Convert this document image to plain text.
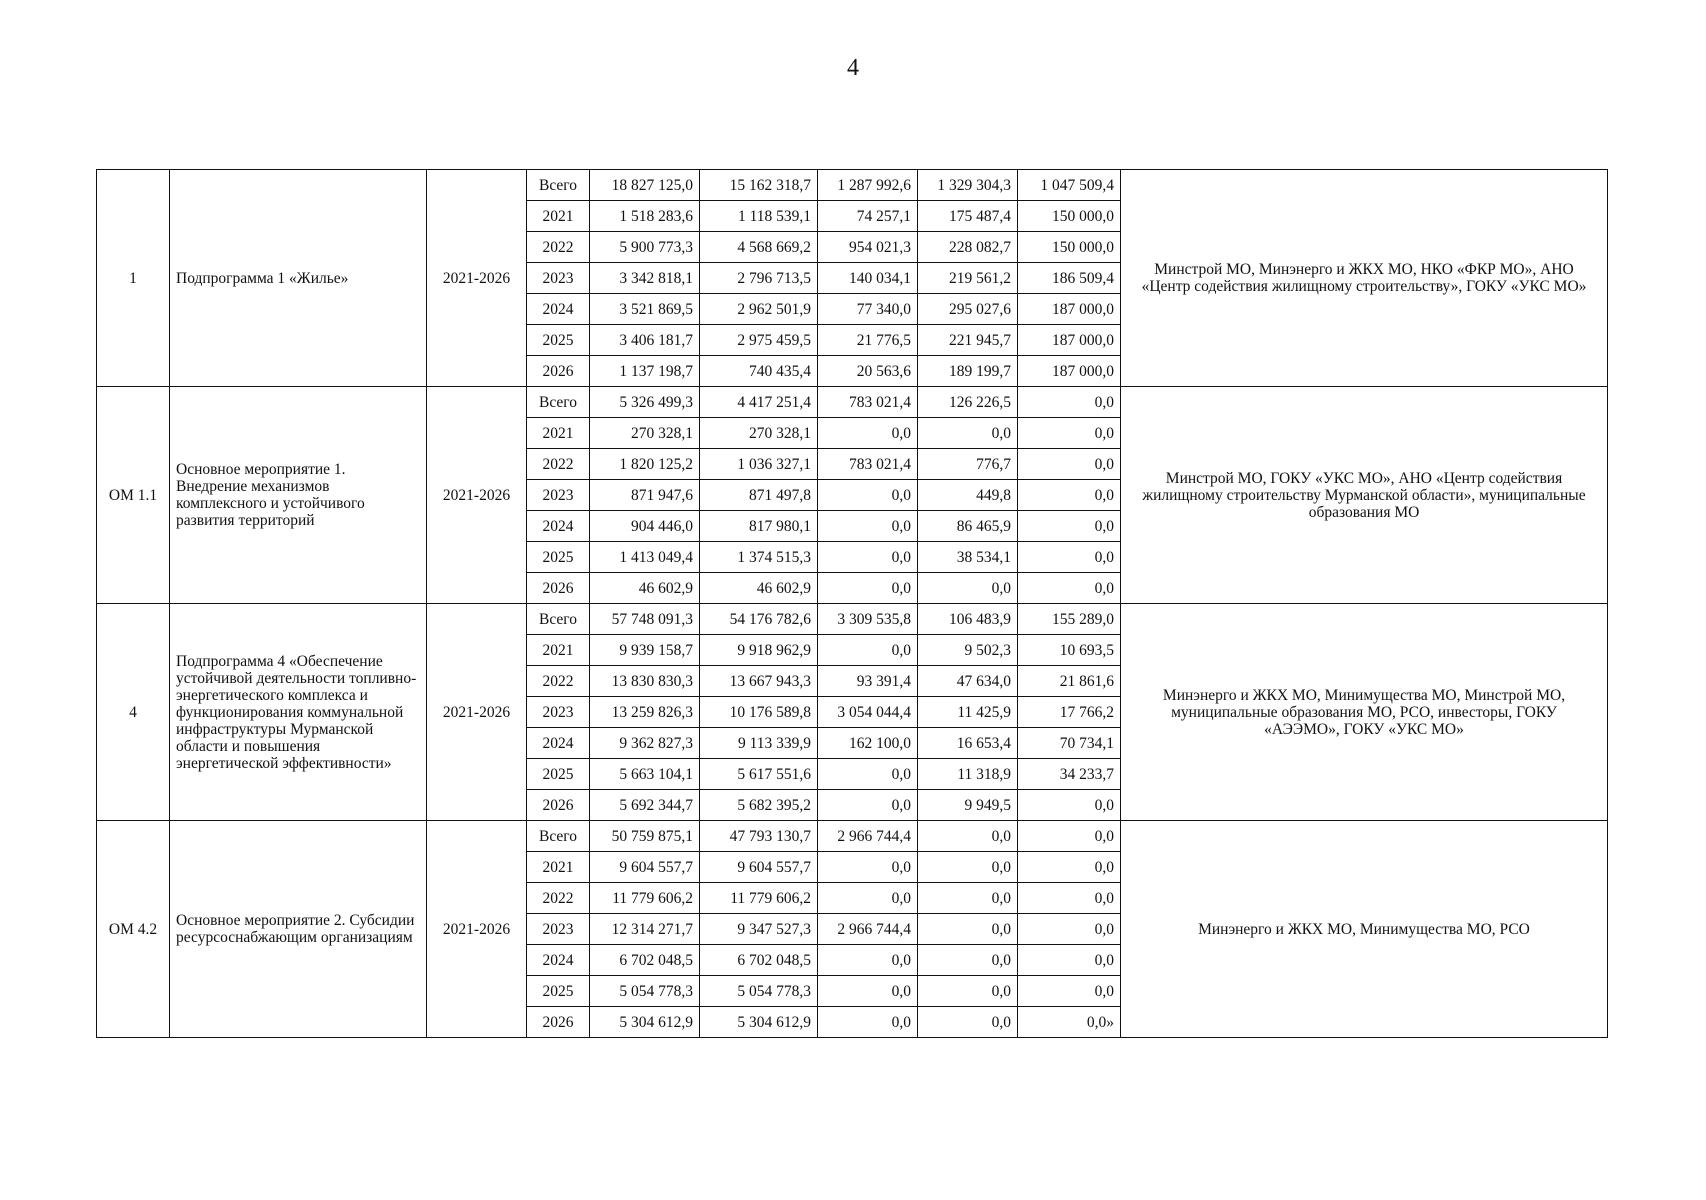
4
1	Подпрограмма 1 «Жилье»	2021-2026	Всего	18 827 125,0	15 162 318,7	1 287 992,6	1 329 304,3	1 047 509,4	Минстрой МО, Минэнерго и ЖКХ МО, НКО «ФКР МО», АНО «Центр содействия жилищному строительству», ГОКУ «УКС МО»
			2021	1 518 283,6	1 118 539,1	74 257,1	175 487,4	150 000,0	
			2022	5 900 773,3	4 568 669,2	954 021,3	228 082,7	150 000,0	
			2023	3 342 818,1	2 796 713,5	140 034,1	219 561,2	186 509,4	
			2024	3 521 869,5	2 962 501,9	77 340,0	295 027,6	187 000,0	
			2025	3 406 181,7	2 975 459,5	21 776,5	221 945,7	187 000,0	
			2026	1 137 198,7	740 435,4	20 563,6	189 199,7	187 000,0	
ОМ 1.1	Основное мероприятие 1. Внедрение механизмов комплексного и устойчивого развития территорий	2021-2026	Всего	5 326 499,3	4 417 251,4	783 021,4	126 226,5	0,0	Минстрой МО, ГОКУ «УКС МО», АНО «Центр содействия жилищному строительству Мурманской области», муниципальные образования МО
			2021	270 328,1	270 328,1	0,0	0,0	0,0	
			2022	1 820 125,2	1 036 327,1	783 021,4	776,7	0,0	
			2023	871 947,6	871 497,8	0,0	449,8	0,0	
			2024	904 446,0	817 980,1	0,0	86 465,9	0,0	
			2025	1 413 049,4	1 374 515,3	0,0	38 534,1	0,0	
			2026	46 602,9	46 602,9	0,0	0,0	0,0	
4	Подпрограмма 4 «Обеспечение устойчивой деятельности топливно-энергетического комплекса и функционирования коммунальной инфраструктуры Мурманской области и повышения энергетической эффективности»	2021-2026	Всего	57 748 091,3	54 176 782,6	3 309 535,8	106 483,9	155 289,0	Минэнерго и ЖКХ МО, Минимущества МО, Минстрой МО, муниципальные образования МО, РСО, инвесторы, ГОКУ «АЭЭМО», ГОКУ «УКС МО»
			2021	9 939 158,7	9 918 962,9	0,0	9 502,3	10 693,5	
			2022	13 830 830,3	13 667 943,3	93 391,4	47 634,0	21 861,6	
			2023	13 259 826,3	10 176 589,8	3 054 044,4	11 425,9	17 766,2	
			2024	9 362 827,3	9 113 339,9	162 100,0	16 653,4	70 734,1	
			2025	5 663 104,1	5 617 551,6	0,0	11 318,9	34 233,7	
			2026	5 692 344,7	5 682 395,2	0,0	9 949,5	0,0	
ОМ 4.2	Основное мероприятие 2. Субсидии ресурсоснабжающим организациям	2021-2026	Всего	50 759 875,1	47 793 130,7	2 966 744,4	0,0	0,0	Минэнерго и ЖКХ МО, Минимущества МО, РСО
			2021	9 604 557,7	9 604 557,7	0,0	0,0	0,0	
			2022	11 779 606,2	11 779 606,2	0,0	0,0	0,0	
			2023	12 314 271,7	9 347 527,3	2 966 744,4	0,0	0,0	
			2024	6 702 048,5	6 702 048,5	0,0	0,0	0,0	
			2025	5 054 778,3	5 054 778,3	0,0	0,0	0,0	
			2026	5 304 612,9	5 304 612,9	0,0	0,0	0,0»	
